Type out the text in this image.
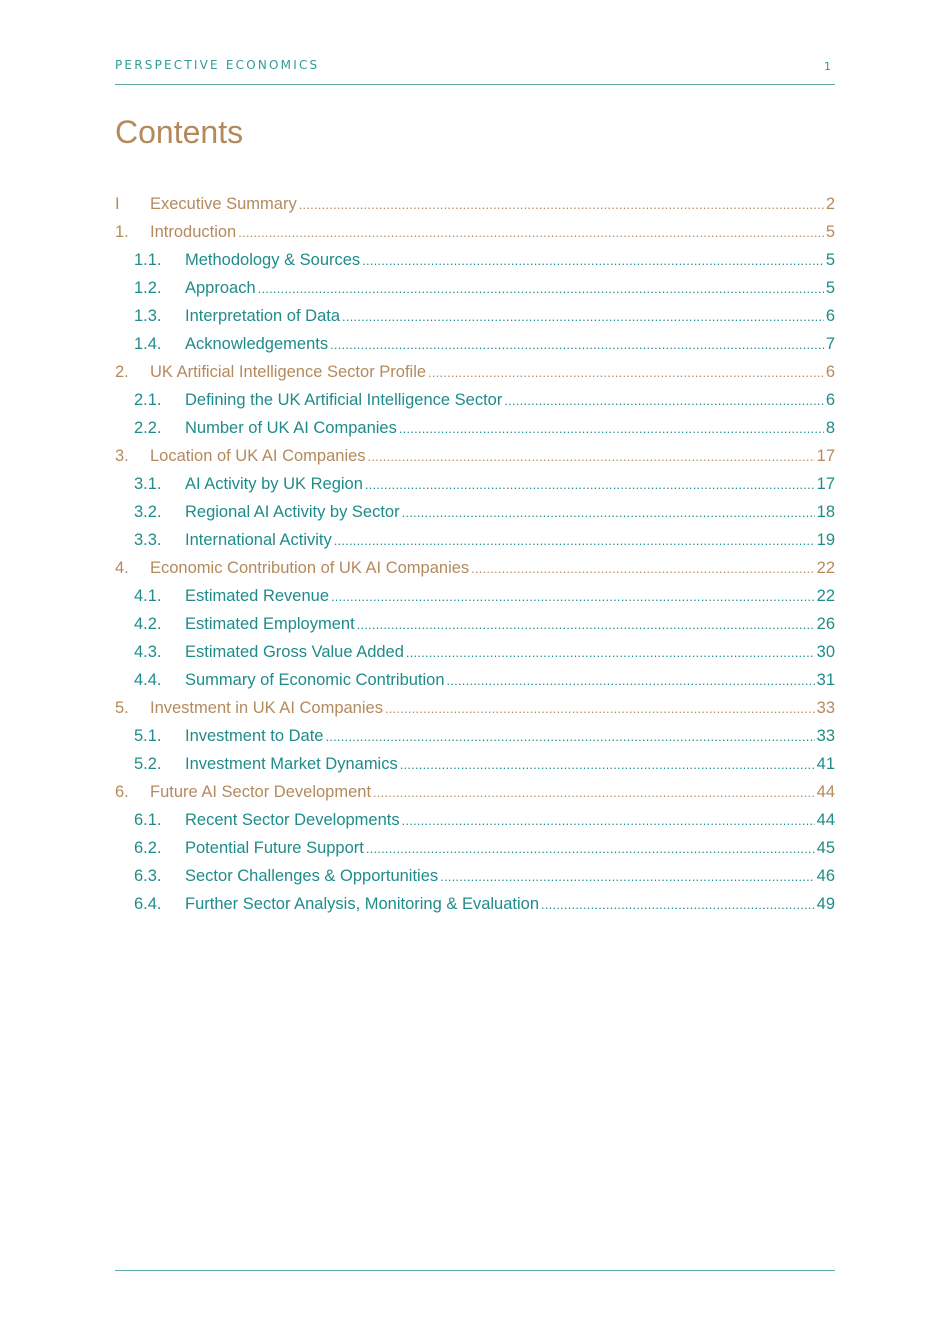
PERSPECTIVE ECONOMICS	1
Contents
I	Executive Summary .....	2
1.	Introduction .....	5
1.1.	Methodology & Sources .....	5
1.2.	Approach .....	5
1.3.	Interpretation of Data .....	6
1.4.	Acknowledgements .....	7
2.	UK Artificial Intelligence Sector Profile .....	6
2.1.	Defining the UK Artificial Intelligence Sector .....	6
2.2.	Number of UK AI Companies .....	8
3.	Location of UK AI Companies .....	17
3.1.	AI Activity by UK Region .....	17
3.2.	Regional AI Activity by Sector .....	18
3.3.	International Activity .....	19
4.	Economic Contribution of UK AI Companies .....	22
4.1.	Estimated Revenue .....	22
4.2.	Estimated Employment .....	26
4.3.	Estimated Gross Value Added .....	30
4.4.	Summary of Economic Contribution .....	31
5.	Investment in UK AI Companies .....	33
5.1.	Investment to Date .....	33
5.2.	Investment Market Dynamics .....	41
6.	Future AI Sector Development .....	44
6.1.	Recent Sector Developments .....	44
6.2.	Potential Future Support .....	45
6.3.	Sector Challenges & Opportunities .....	46
6.4.	Further Sector Analysis, Monitoring & Evaluation .....	49
